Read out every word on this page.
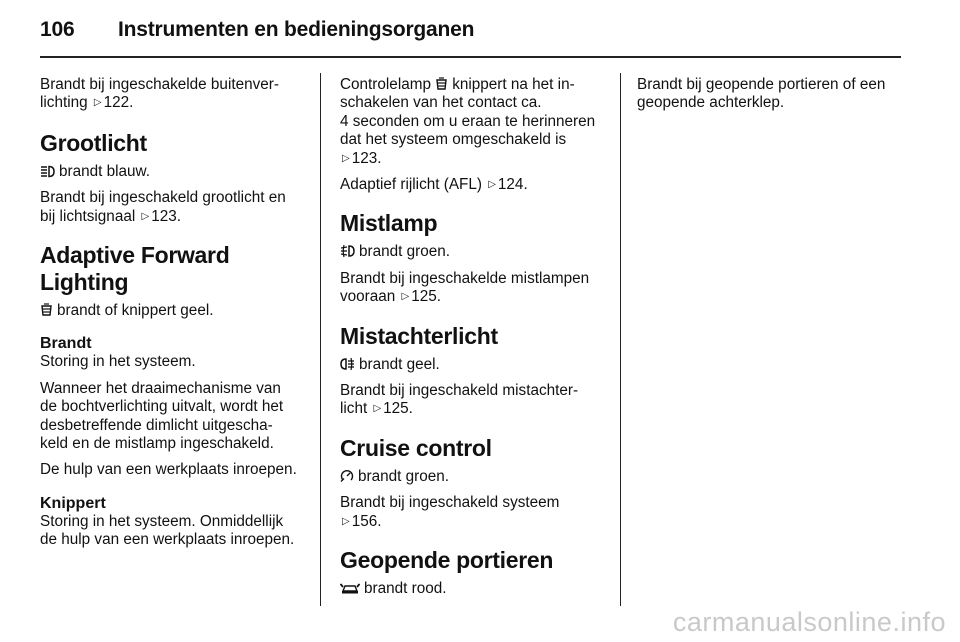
106 Instrumenten en bedieningsorganen

Brandt bij ingeschakelde buitenver-
lichting ▷ 122.

Grootlicht

brandt blauw.

Brandt bij ingeschakeld grootlicht en
bij lichtsignaal ▷ 123.

Adaptive Forward Lighting

brandt of knippert geel.

Brandt

Storing in het systeem.

Wanneer het draaimechanisme van
de bochtverlichting uitvalt, wordt het
desbetreffende dimlicht uitgescha-
keld en de mistlamp ingeschakeld.

De hulp van een werkplaats inroepen.

Knippert

Storing in het systeem. Onmiddellijk
de hulp van een werkplaats inroepen.

Controlelamp knippert na het in-
schakelen van het contact ca.
4 seconden om u eraan te herinneren
dat het systeem omgeschakeld is
▷ 123.

Adaptief rijlicht (AFL) ▷ 124.

Mistlamp

brandt groen.

Brandt bij ingeschakelde mistlampen
vooraan ▷ 125.

Mistachterlicht

brandt geel.

Brandt bij ingeschakeld mistachter-
licht ▷ 125.

Cruise control

brandt groen.

Brandt bij ingeschakeld systeem
▷ 156.

Geopende portieren

brandt rood.

Brandt bij geopende portieren of een
geopende achterklep.

carmanualsonline.info
